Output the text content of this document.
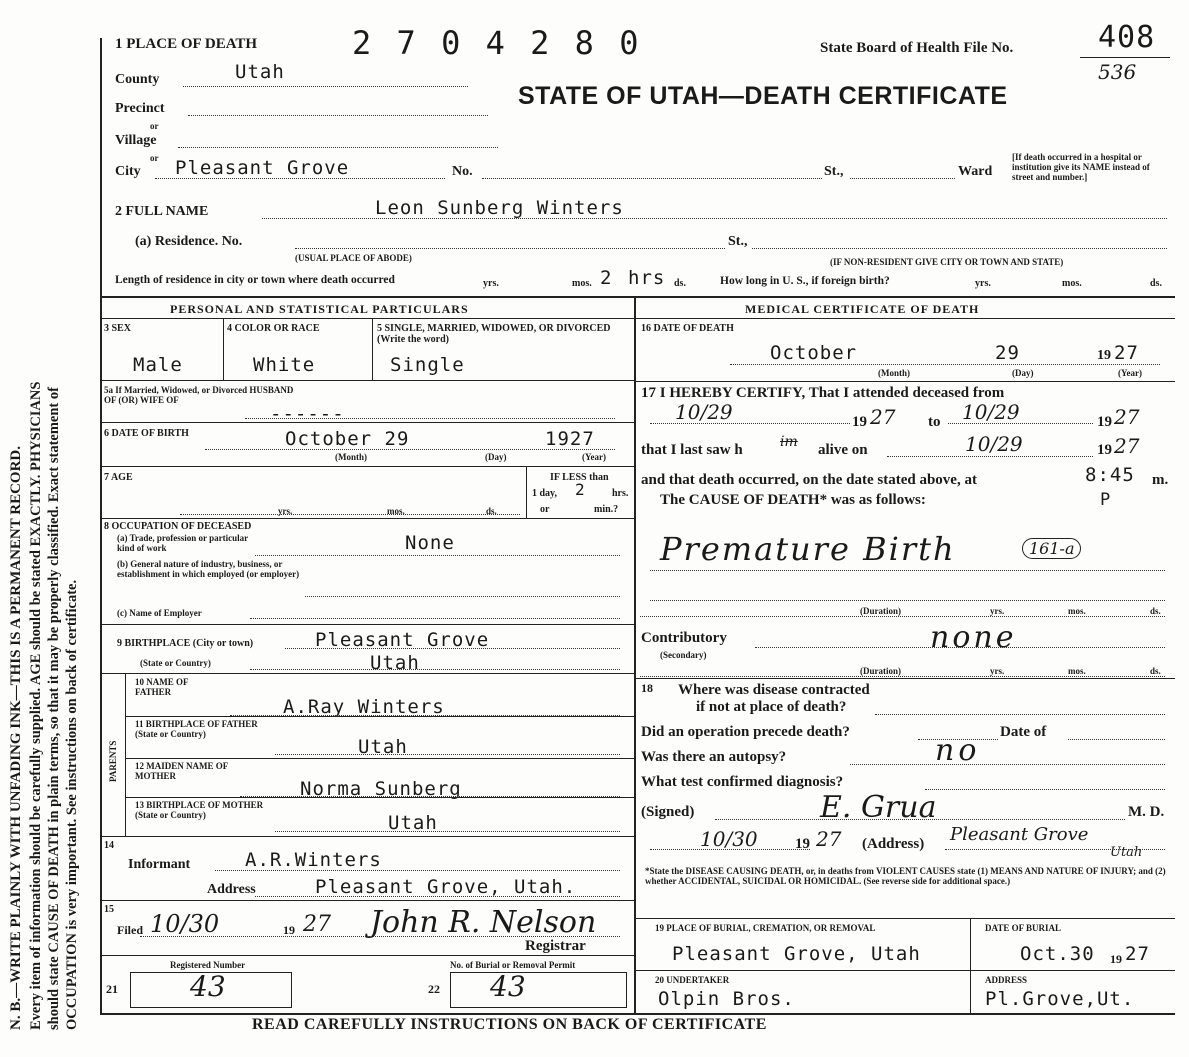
N. B.—WRITE PLAINLY WITH UNFADING INK—THIS IS A PERMANENT RECORD. Every item of information should be carefully supplied. AGE should be stated EXACTLY. PHYSICIANS should state CAUSE OF DEATH in plain terms, so that it may be properly classified. Exact statement of OCCUPATION is very important. See instructions on back of certificate.
1 PLACE OF DEATH	2 7 0 4 2 8 0	State Board of Health File No.	408
536
STATE OF UTAH—DEATH CERTIFICATE
County	Utah
Precinct
or
Village
or
City Pleasant Grove	No.	St.,	Ward
[If death occurred in a hospital or institution give its NAME instead of street and number.]
2 FULL NAME	Leon Sunberg Winters
(a) Residence. No.	St.,
(USUAL PLACE OF ABODE)	(IF NON-RESIDENT GIVE CITY OR TOWN AND STATE)
Length of residence in city or town where death occurred	yrs.	mos. 2 hrs ds.	How long in U. S., if foreign birth?	yrs.	mos.	ds.
PERSONAL AND STATISTICAL PARTICULARS
3 SEX
Male
4 COLOR OR RACE
White
5 SINGLE, MARRIED, WIDOWED, OR DIVORCED (Write the word)
Single
5a If Married, Widowed, or Divorced HUSBAND OF (OR) WIFE OF
------
6 DATE OF BIRTH	October 29	1927
(Month)	(Day)	(Year)
7 AGE
yrs.	mos.	ds.
IF LESS than
1 day, 2	hrs.
or	min.?
8 OCCUPATION OF DECEASED
(a) Trade, profession or particular kind of work	None
(b) General nature of industry, business, or establishment in which employed (or employer)
(c) Name of Employer
9 BIRTHPLACE (City or town)	Pleasant Grove
(State or Country)	Utah
PARENTS
10 NAME OF FATHER
A.Ray Winters
11 BIRTHPLACE OF FATHER (State or Country)
Utah
12 MAIDEN NAME OF MOTHER
Norma Sunberg
13 BIRTHPLACE OF MOTHER (State or Country)	Utah
14
Informant	A.R.Winters
Address	Pleasant Grove, Utah.
15
Filed 10/30	19 27 John R. Nelson
Registrar
Registered Number	No. of Burial or Removal Permit
21	43	22 43
MEDICAL CERTIFICATE OF DEATH
16 DATE OF DEATH
October	29	19 27
(Month)	(Day)	(Year)
17 I HEREBY CERTIFY, That I attended deceased from
10/29	19 27 to 10/29	19 27
that I last saw h	im alive on	10/29	19 27
and that death occurred, on the date stated above, at	8:45 m.
The CAUSE OF DEATH* was as follows:	P
Premature Birth	161-a
(Duration)	yrs.	mos.	ds.
Contributory
(Secondary)	none
(Duration)	yrs.	mos.	ds.
18 Where was disease contracted
if not at place of death?
Did an operation precede death?	Date of
Was there an autopsy?	no
What test confirmed diagnosis?
(Signed)	E. Grua	M. D.
10/30 19 27 (Address) Pleasant Grove
Utah
*State the DISEASE CAUSING DEATH, or, in deaths from VIOLENT CAUSES state (1) MEANS AND NATURE OF INJURY; and (2) whether ACCIDENTAL, SUICIDAL OR HOMICIDAL. (See reverse side for additional space.)
19 PLACE OF BURIAL, CREMATION, OR REMOVAL	DATE OF BURIAL
Pleasant Grove, Utah	Oct.30 19 27
20 UNDERTAKER	ADDRESS
Olpin Bros.	Pl.Grove,Ut.
READ CAREFULLY INSTRUCTIONS ON BACK OF CERTIFICATE
